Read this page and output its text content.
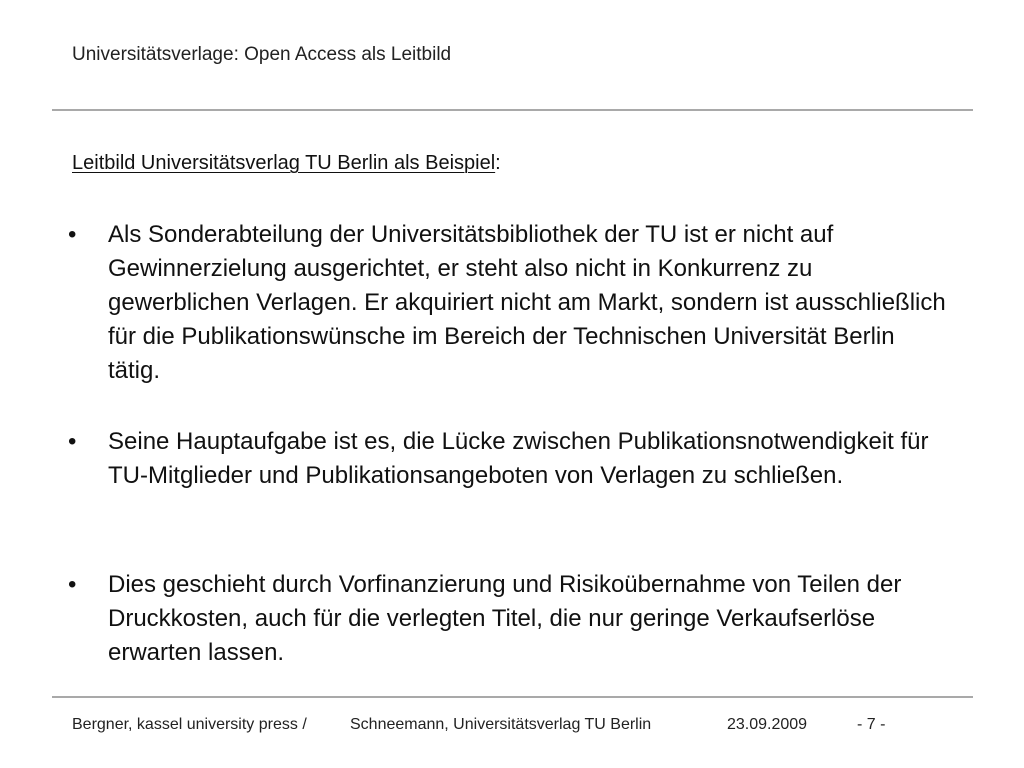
Universitätsverlage: Open Access als Leitbild
Leitbild Universitätsverlag TU Berlin als Beispiel:
•	Als Sonderabteilung der Universitätsbibliothek der TU ist er nicht auf Gewinnerzielung ausgerichtet, er steht also nicht in Konkurrenz zu gewerblichen Verlagen. Er akquiriert nicht am Markt, sondern ist ausschließlich für die Publikationswünsche im Bereich der Technischen Universität Berlin tätig.
•	Seine Hauptaufgabe ist es, die Lücke zwischen Publikationsnotwendigkeit für TU-Mitglieder und Publikationsangeboten von Verlagen zu schließen.
•	Dies geschieht durch Vorfinanzierung und Risikoübernahme von Teilen der Druckkosten, auch für die verlegten Titel, die nur geringe Verkaufserlöse erwarten lassen.
Bergner, kassel university press /	Schneemann, Universitätsverlag TU Berlin	23.09.2009	- 7 -
